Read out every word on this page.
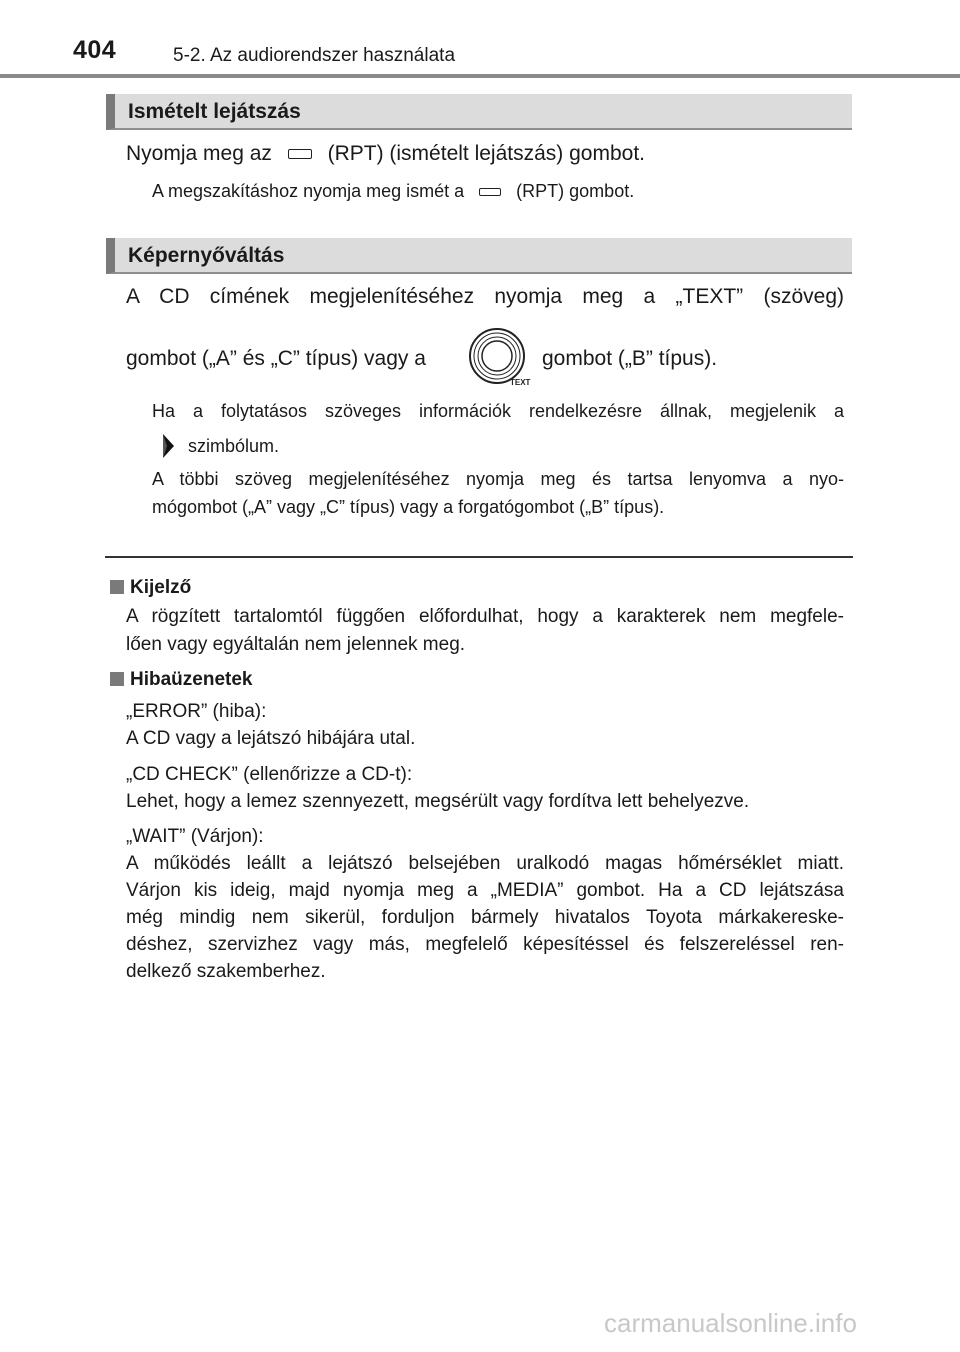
404	5-2. Az audiorendszer használata
Ismételt lejátszás
Nyomja meg az	(RPT) (ismételt lejátszás) gombot.
A megszakításhoz nyomja meg ismét a	(RPT) gombot.
Képernyőváltás
A CD címének megjelenítéséhez nyomja meg a „TEXT” (szöveg)
gombot („A” és „C” típus) vagy a
TEXT
gombot („B” típus).
Ha a folytatásos szöveges információk rendelkezésre állnak, megjelenik a
szimbólum.
A többi szöveg megjelenítéséhez nyomja meg és tartsa lenyomva a nyo-
mógombot („A” vagy „C” típus) vagy a forgatógombot („B” típus).
Kijelző
A rögzített tartalomtól függően előfordulhat, hogy a karakterek nem megfele-
lően vagy egyáltalán nem jelennek meg.
Hibaüzenetek
„ERROR” (hiba):
A CD vagy a lejátszó hibájára utal.
„CD CHECK” (ellenőrizze a CD-t):
Lehet, hogy a lemez szennyezett, megsérült vagy fordítva lett behelyezve.
„WAIT” (Várjon):
A működés leállt a lejátszó belsejében uralkodó magas hőmérséklet miatt.
Várjon kis ideig, majd nyomja meg a „MEDIA” gombot. Ha a CD lejátszása
még mindig nem sikerül, forduljon bármely hivatalos Toyota márkakereske-
déshez, szervizhez vagy más, megfelelő képesítéssel és felszereléssel ren-
delkező szakemberhez.
carmanualsonline.info
